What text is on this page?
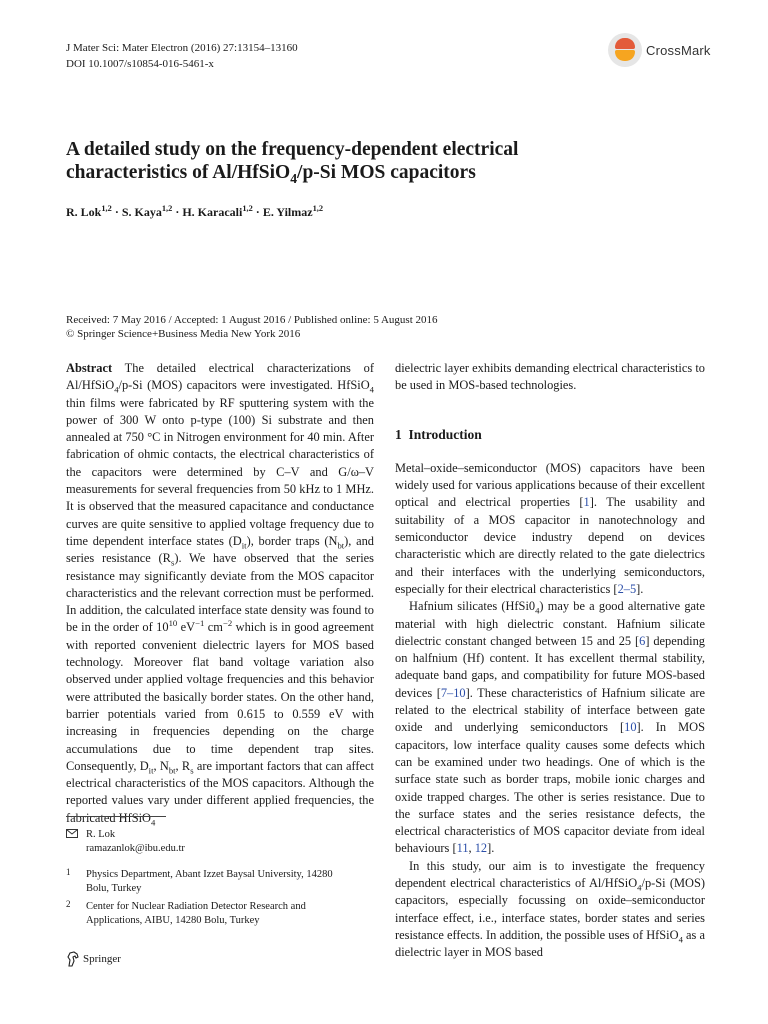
J Mater Sci: Mater Electron (2016) 27:13154–13160
DOI 10.1007/s10854-016-5461-x
CrossMark
A detailed study on the frequency-dependent electrical
characteristics of Al/HfSiO$_4$/p-Si MOS capacitors
R. Lok$^{1,2}$ · S. Kaya$^{1,2}$ · H. Karacali$^{1,2}$ · E. Yilmaz$^{1,2}$
Received: 7 May 2016 / Accepted: 1 August 2016 / Published online: 5 August 2016
© Springer Science+Business Media New York 2016

Abstract The detailed electrical characterizations of Al/HfSiO$_4$/p-Si (MOS) capacitors were investigated. HfSiO$_4$ thin films were fabricated by RF sputtering system with the power of 300 W onto p-type (100) Si substrate and then annealed at 750 °C in Nitrogen environment for 40 min. After fabrication of ohmic contacts, the electrical characteristics of the capacitors were determined by C–V and G/ω–V measurements for several frequencies from 50 kHz to 1 MHz. It is observed that the measured capacitance and conductance curves are quite sensitive to applied voltage frequency due to time dependent interface states $(D_{it})$, border traps $(N_{bt})$, and series resistance $(R_s)$. We have observed that the series resistance may significantly deviate from the MOS capacitor characteristics and the relevant correction must be performed. In addition, the calculated interface state density was found to be in the order of $10^{10}$ $eV^{-1}$ $cm^{-2}$ which is in good agreement with reported convenient dielectric layers for MOS based technology. Moreover flat band voltage variation also observed under applied voltage frequencies and this behavior were attributed the basically border states. On the other hand, barrier potentials varied from 0.615 to 0.559 eV with increasing in frequencies depending on the charge accumulations due to time dependent trap sites. Consequently, $D_{it}$, $N_{bt}$, $R_s$ are important factors that can affect electrical characteristics of the MOS capacitors. Although the reported values vary under different applied frequencies, the fabricated HfSiO$_4$

dielectric layer exhibits demanding electrical characteristics to be used in MOS-based technologies.

1 Introduction

Metal–oxide–semiconductor (MOS) capacitors have been widely used for various applications because of their excellent optical and electrical properties [1]. The usability and suitability of a MOS capacitor in nanotechnology and semiconductor device industry depend on devices characteristic which are directly related to the gate dielectrics and their interfaces with the underlying semiconductors, especially for their electrical characteristics [2–5].

Hafnium silicates $(HfSi0_4)$ may be a good alternative gate material with high dielectric constant. Hafnium silicate dielectric constant changed between 15 and 25 [6] depending on halfnium (Hf) content. It has excellent thermal stability, adequate band gaps, and compatibility for future MOS-based devices [7–10]. These characteristics of Hafnium silicate are related to the electrical stability of interface between gate oxide and underlying semiconductors [10]. In MOS capacitors, low interface quality causes some defects which can be examined under two headings. One of which is the surface state such as border traps, mobile ionic charges and oxide trapped charges. The other is series resistance. Due to the surface states and the series resistance defects, the electrical characteristics of MOS capacitor deviate from ideal behaviours [11, 12].

In this study, our aim is to investigate the frequency dependent electrical characteristics of Al/HfSiO$_4$/p-Si (MOS) capacitors, especially focussing on oxide–semiconductor interface effect, i.e., interface states, border states and series resistance effects. In addition, the possible uses of HfSiO$_4$ as a dielectric layer in MOS based

R. Lok
ramazanlok@ibu.edu.tr
1 Physics Department, Abant Izzet Baysal University, 14280 Bolu, Turkey
2 Center for Nuclear Radiation Detector Research and Applications, AIBU, 14280 Bolu, Turkey
Springer
